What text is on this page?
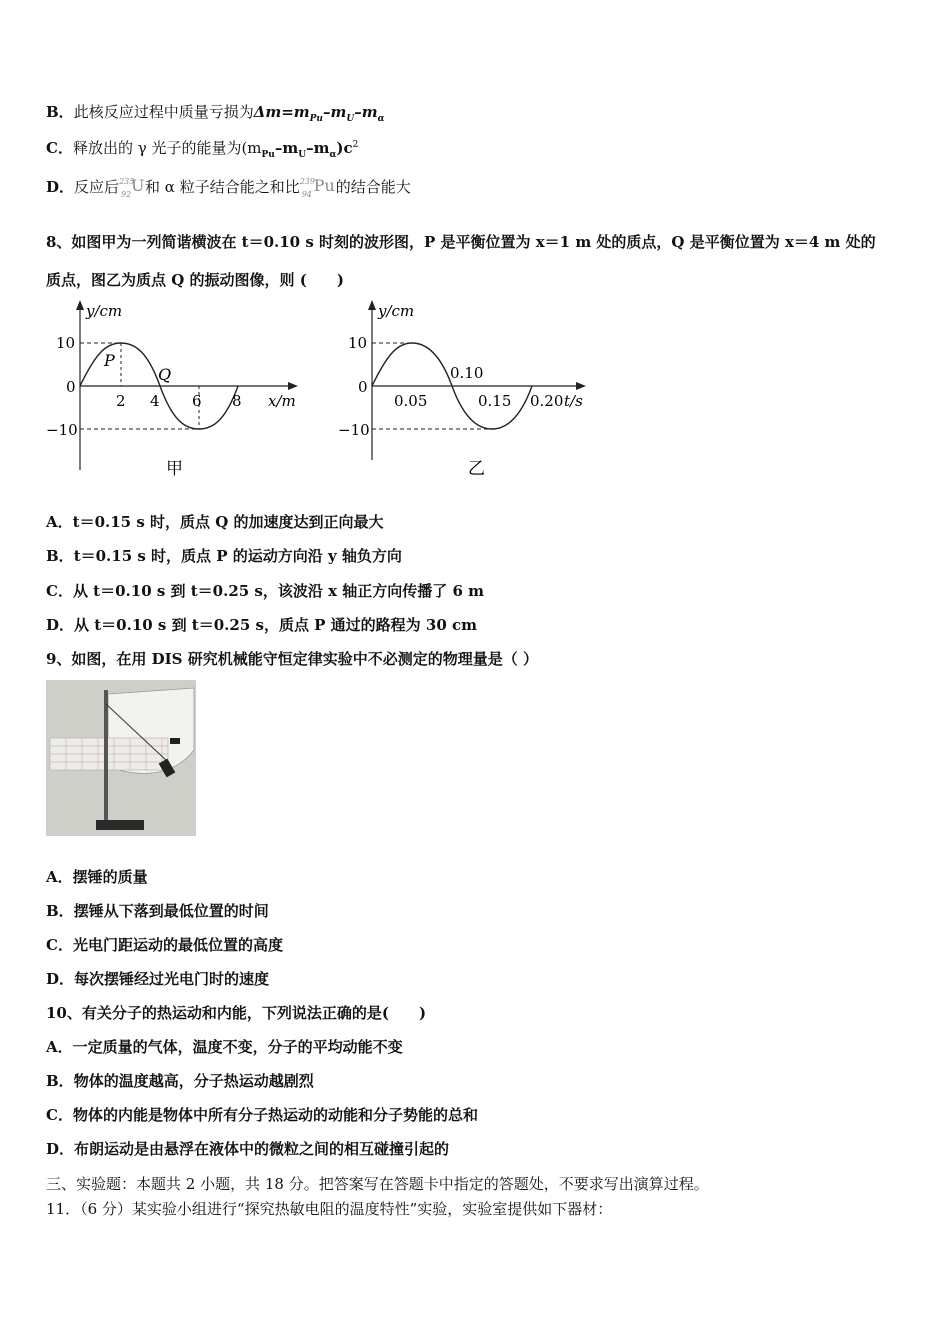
B．此核反应过程中质量亏损为$\Delta m=m_{Pu}-m_U-m_\alpha$
C．释放出的 γ 光子的能量为$(m_{Pu}-m_U-m_\alpha)c^2$
D．反应后 235
92 U 和 α 粒子结合能之和比 239
94 Pu 的结合能大
8、如图甲为一列简谐横波在 t＝0.10 s 时刻的波形图，P 是平衡位置为 x＝1 m 处的质点，Q 是平衡位置为 x＝4 m 处的
质点，图乙为质点 Q 的振动图像，则 (　　)
y/cm
x/m
10
0
−10
2 4 6 8
P
Q
甲
y/cm
10
0
−10
0.05
0.10
0.15 0.20 t/s
乙
A．t＝0.15 s 时，质点 Q 的加速度达到正向最大
B．t＝0.15 s 时，质点 P 的运动方向沿 y 轴负方向
C．从 t＝0.10 s 到 t＝0.25 s，该波沿 x 轴正方向传播了 6 m
D．从 t＝0.10 s 到 t＝0.25 s，质点 P 通过的路程为 30 cm
9、如图，在用 DIS 研究机械能守恒定律实验中不必测定的物理量是（ ）
A．摆锤的质量
B．摆锤从下落到最低位置的时间
C．光电门距运动的最低位置的高度
D．每次摆锤经过光电门时的速度
10、有关分子的热运动和内能，下列说法正确的是(　　)
A．一定质量的气体，温度不变，分子的平均动能不变
B．物体的温度越高，分子热运动越剧烈
C．物体的内能是物体中所有分子热运动的动能和分子势能的总和
D．布朗运动是由悬浮在液体中的微粒之间的相互碰撞引起的
三、实验题：本题共 2 小题，共 18 分。把答案写在答题卡中指定的答题处，不要求写出演算过程。
11．（6 分）某实验小组进行“探究热敏电阻的温度特性”实验，实验室提供如下器材：
